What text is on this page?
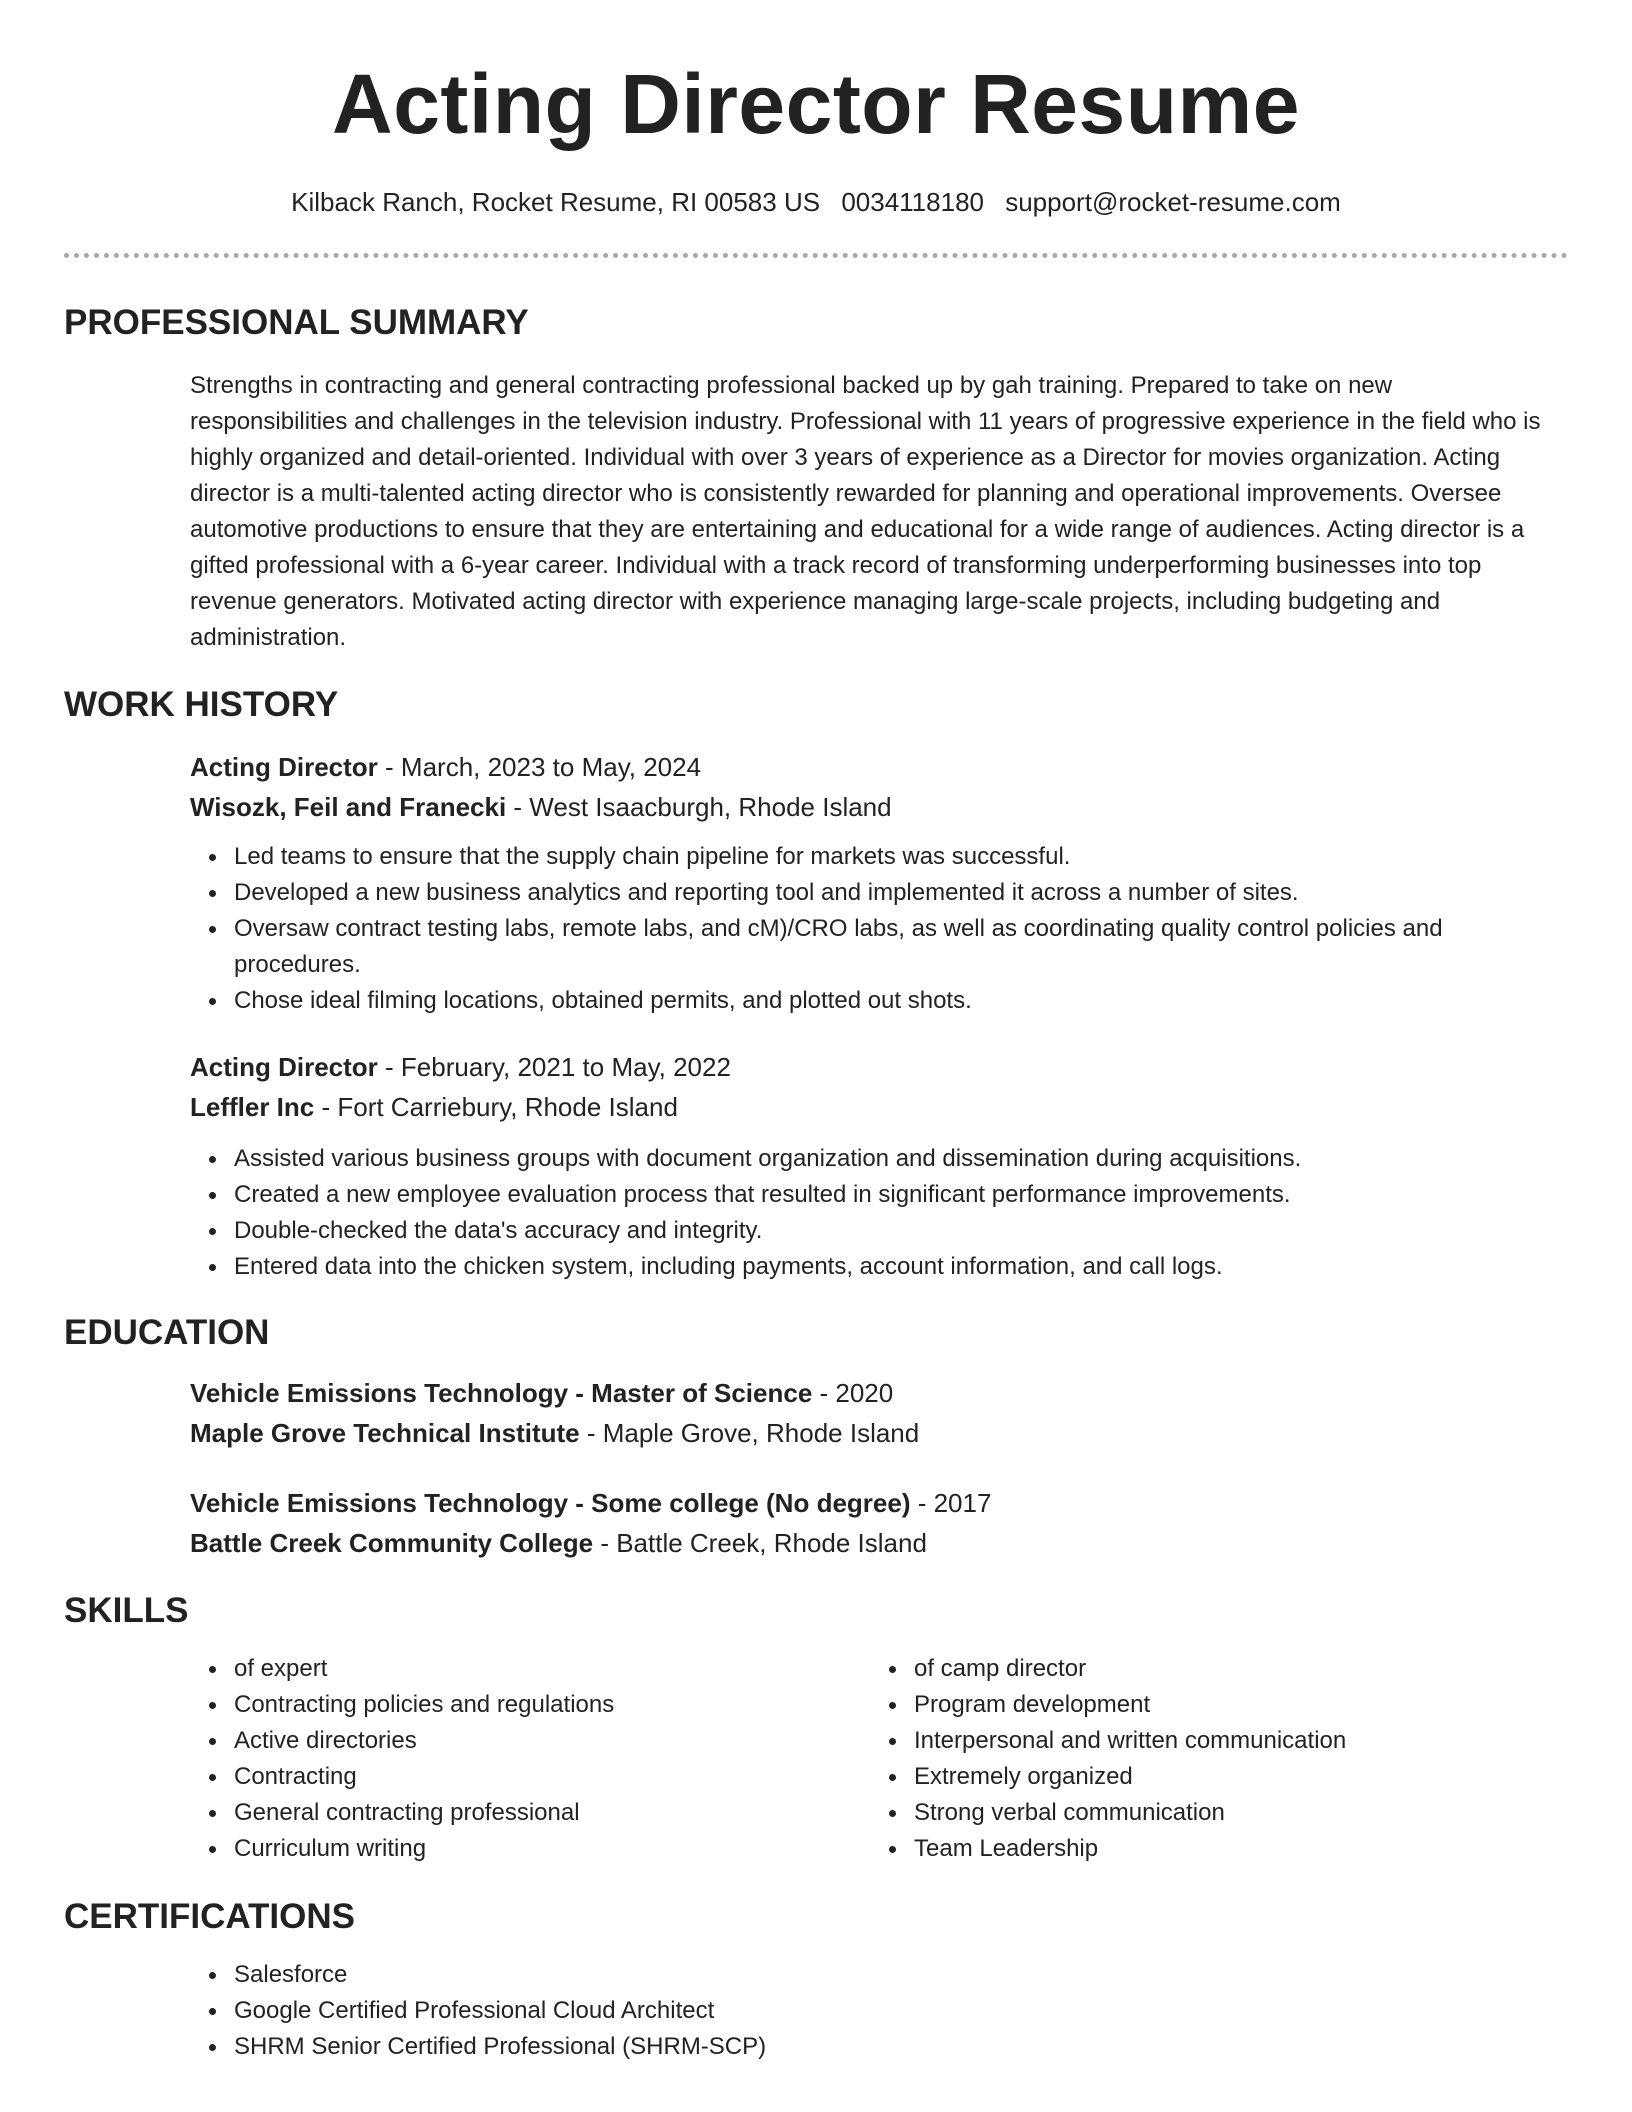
Acting Director Resume
Kilback Ranch, Rocket Resume, RI 00583 US 0034118180 support@rocket-resume.com
PROFESSIONAL SUMMARY

Strengths in contracting and general contracting professional backed up by gah training. Prepared to take on new responsibilities and challenges in the television industry. Professional with 11 years of progressive experience in the field who is highly organized and detail-oriented. Individual with over 3 years of experience as a Director for movies organization. Acting director is a multi-talented acting director who is consistently rewarded for planning and operational improvements. Oversee automotive productions to ensure that they are entertaining and educational for a wide range of audiences. Acting director is a gifted professional with a 6-year career. Individual with a track record of transforming underperforming businesses into top revenue generators. Motivated acting director with experience managing large-scale projects, including budgeting and administration.

WORK HISTORY
Acting Director - March, 2023 to May, 2024
Wisozk, Feil and Franecki - West Isaacburgh, Rhode Island
Led teams to ensure that the supply chain pipeline for markets was successful.
Developed a new business analytics and reporting tool and implemented it across a number of sites.
Oversaw contract testing labs, remote labs, and cM)/CRO labs, as well as coordinating quality control policies and procedures.
Chose ideal filming locations, obtained permits, and plotted out shots.
Acting Director - February, 2021 to May, 2022
Leffler Inc - Fort Carriebury, Rhode Island
Assisted various business groups with document organization and dissemination during acquisitions.
Created a new employee evaluation process that resulted in significant performance improvements.
Double-checked the data's accuracy and integrity.
Entered data into the chicken system, including payments, account information, and call logs.
EDUCATION
Vehicle Emissions Technology - Master of Science - 2020
Maple Grove Technical Institute - Maple Grove, Rhode Island
Vehicle Emissions Technology - Some college (No degree) - 2017
Battle Creek Community College - Battle Creek, Rhode Island
SKILLS
of expert
Contracting policies and regulations
Active directories
Contracting
General contracting professional
Curriculum writing
of camp director
Program development
Interpersonal and written communication
Extremely organized
Strong verbal communication
Team Leadership
CERTIFICATIONS
Salesforce
Google Certified Professional Cloud Architect
SHRM Senior Certified Professional (SHRM-SCP)
